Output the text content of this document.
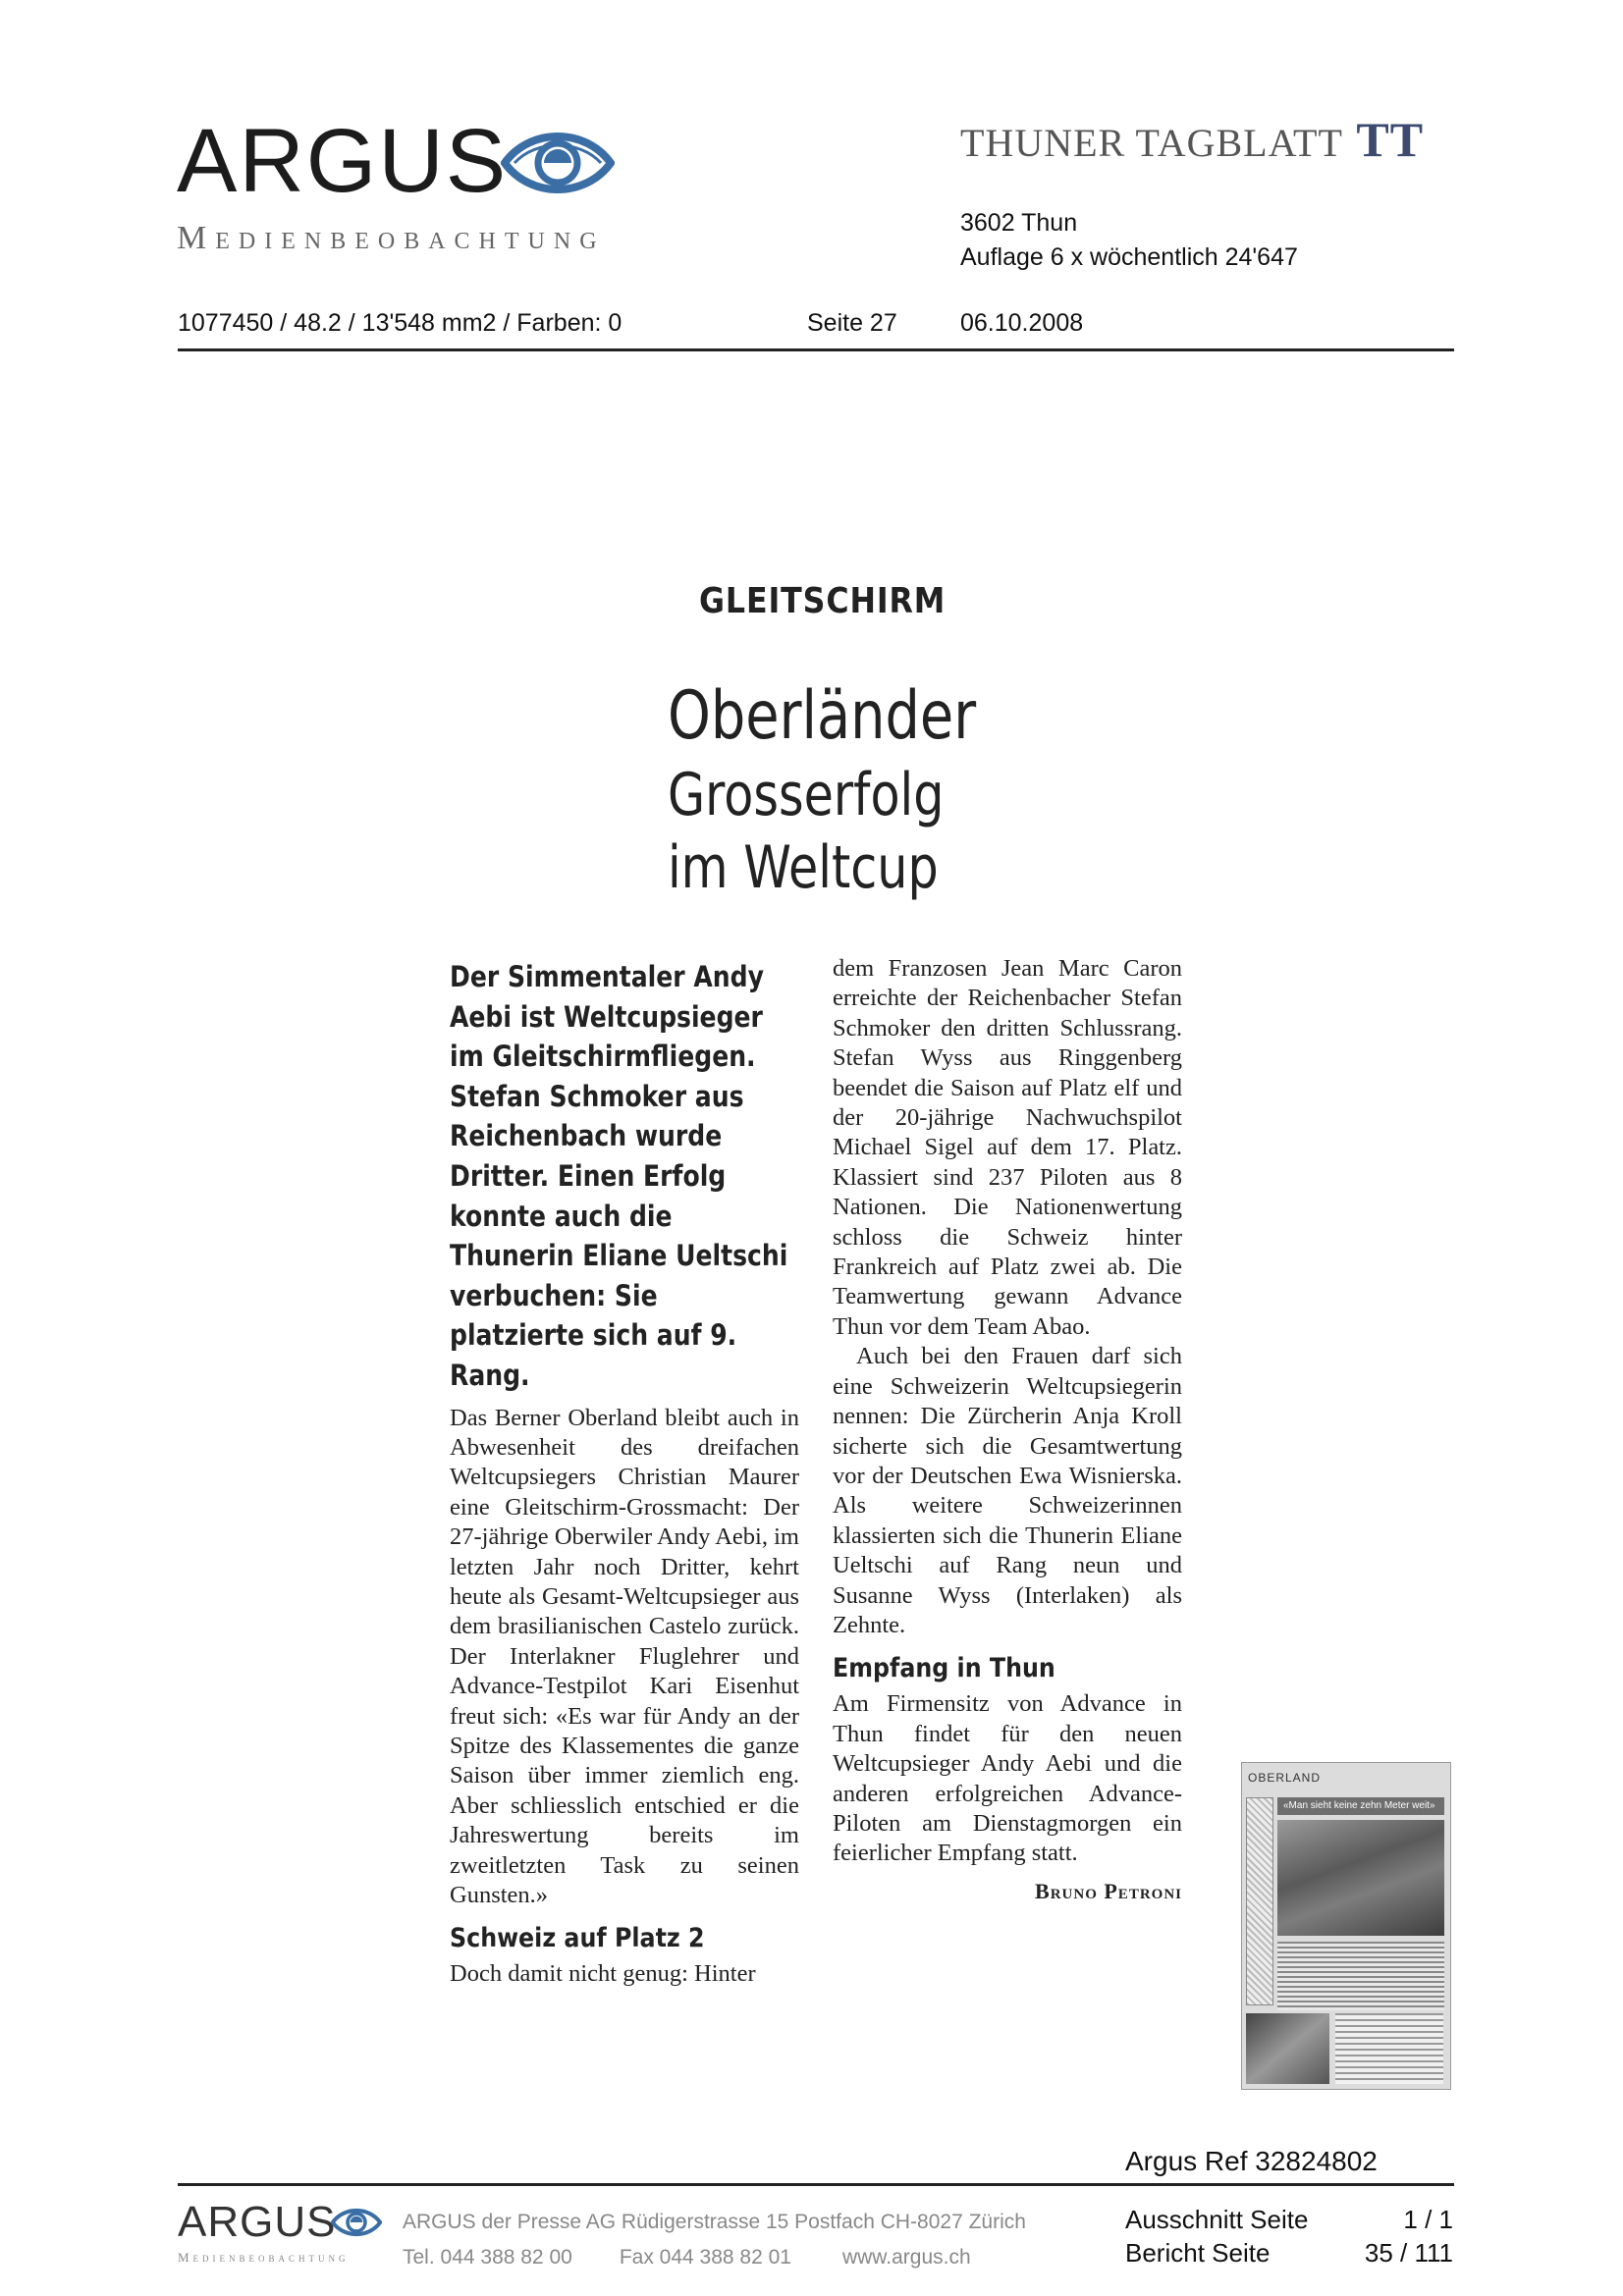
ARGUS
Medienbeobachtung
THUNER TAGBLATT TT
3602 Thun
Auflage 6 x wöchentlich 24'647
1077450 / 48.2 / 13'548 mm2 / Farben: 0	Seite 27	06.10.2008
GLEITSCHIRM
Oberländer
Grosserfolg
im Weltcup
Der Simmentaler Andy Aebi ist Weltcupsieger im Gleitschirmfliegen. Stefan Schmoker aus Reichenbach wurde Dritter. Einen Erfolg konnte auch die Thunerin Eliane Ueltschi verbuchen: Sie platzierte sich auf 9. Rang.

Das Berner Oberland bleibt auch in Abwesenheit des dreifachen Weltcupsiegers Christian Maurer eine Gleitschirm-Grossmacht: Der 27-jährige Oberwiler Andy Aebi, im letzten Jahr noch Dritter, kehrt heute als Gesamt-Weltcupsieger aus dem brasilianischen Castelo zurück. Der Interlakner Fluglehrer und Advance-Testpilot Kari Eisenhut freut sich: «Es war für Andy an der Spitze des Klassementes die ganze Saison über immer ziemlich eng. Aber schliesslich entschied er die Jahreswertung bereits im zweitletzten Task zu seinen Gunsten.»

Schweiz auf Platz 2

Doch damit nicht genug: Hinter

dem Franzosen Jean Marc Caron erreichte der Reichenbacher Stefan Schmoker den dritten Schlussrang. Stefan Wyss aus Ringgenberg beendet die Saison auf Platz elf und der 20-jährige Nachwuchspilot Michael Sigel auf dem 17. Platz. Klassiert sind 237 Piloten aus 8 Nationen. Die Nationenwertung schloss die Schweiz hinter Frankreich auf Platz zwei ab. Die Teamwertung gewann Advance Thun vor dem Team Abao.

Auch bei den Frauen darf sich eine Schweizerin Weltcupsiegerin nennen: Die Zürcherin Anja Kroll sicherte sich die Gesamtwertung vor der Deutschen Ewa Wisnierska. Als weitere Schweizerinnen klassierten sich die Thunerin Eliane Ueltschi auf Rang neun und Susanne Wyss (Interlaken) als Zehnte.

Empfang in Thun

Am Firmensitz von Advance in Thun findet für den neuen Weltcupsieger Andy Aebi und die anderen erfolgreichen Advance-Piloten am Dienstagmorgen ein feierlicher Empfang statt.

Bruno Petroni
OBERLAND
«Man sieht keine zehn Meter weit»
Argus Ref 32824802
ARGUS
Medienbeobachtung
ARGUS der Presse AG Rüdigerstrasse 15 Postfach CH-8027 Zürich
Tel. 044 388 82 00 Fax 044 388 82 01 www.argus.ch
Ausschnitt Seite	1 / 1
Bericht Seite	35 / 111
